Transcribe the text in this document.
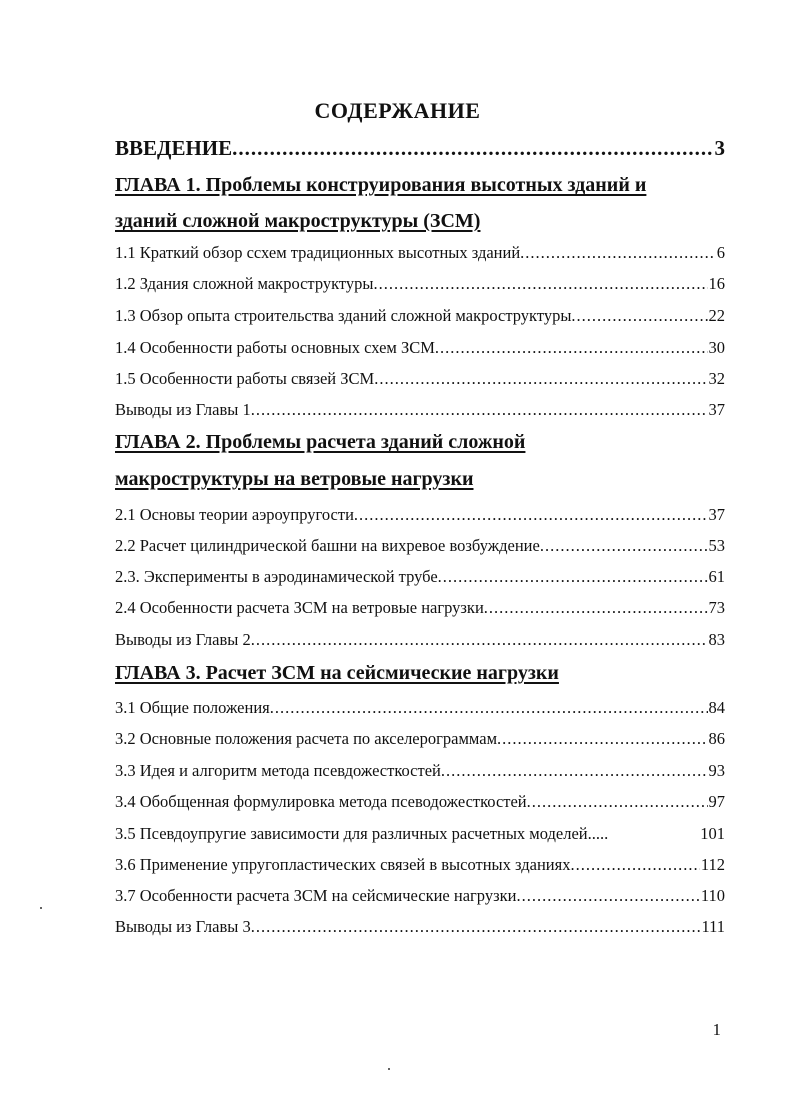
СОДЕРЖАНИЕ
ВВЕДЕНИЕ .....	3
ГЛАВА 1. Проблемы конструирования высотных зданий и
зданий сложной макроструктуры (ЗСМ)
1.1 Краткий обзор ссхем традиционных высотных зданий .....	6
1.2 Здания сложной макроструктуры .....	16
1.3 Обзор опыта строительства зданий сложной макроструктуры .....	22
1.4 Особенности работы основных схем ЗСМ .....	30
1.5 Особенности работы связей ЗСМ .....	32
Выводы из Главы 1 .....	37
ГЛАВА 2. Проблемы расчета зданий сложной
макроструктуры на ветровые нагрузки
2.1 Основы теории аэроупругости .....	37
2.2 Расчет цилиндрической башни на вихревое возбуждение .....	53
2.3. Эксперименты в аэродинамической трубе .....	61
2.4 Особенности расчета ЗСМ на ветровые нагрузки .....	73
Выводы из Главы 2 .....	83
ГЛАВА 3. Расчет ЗСМ на сейсмические нагрузки
3.1 Общие положения .....	84
3.2 Основные положения расчета по акселерограммам .....	86
3.3 Идея и алгоритм метода псевдожесткостей .....	93
3.4 Обобщенная формулировка метода псеводожесткостей .....	97
3.5 Псевдоупругие зависимости для различных расчетных моделей.....	101
3.6 Применение упругопластических связей в высотных зданиях .....	112
3.7 Особенности расчета ЗСМ на сейсмические нагрузки .....	110
Выводы из Главы 3 .....	111
1
